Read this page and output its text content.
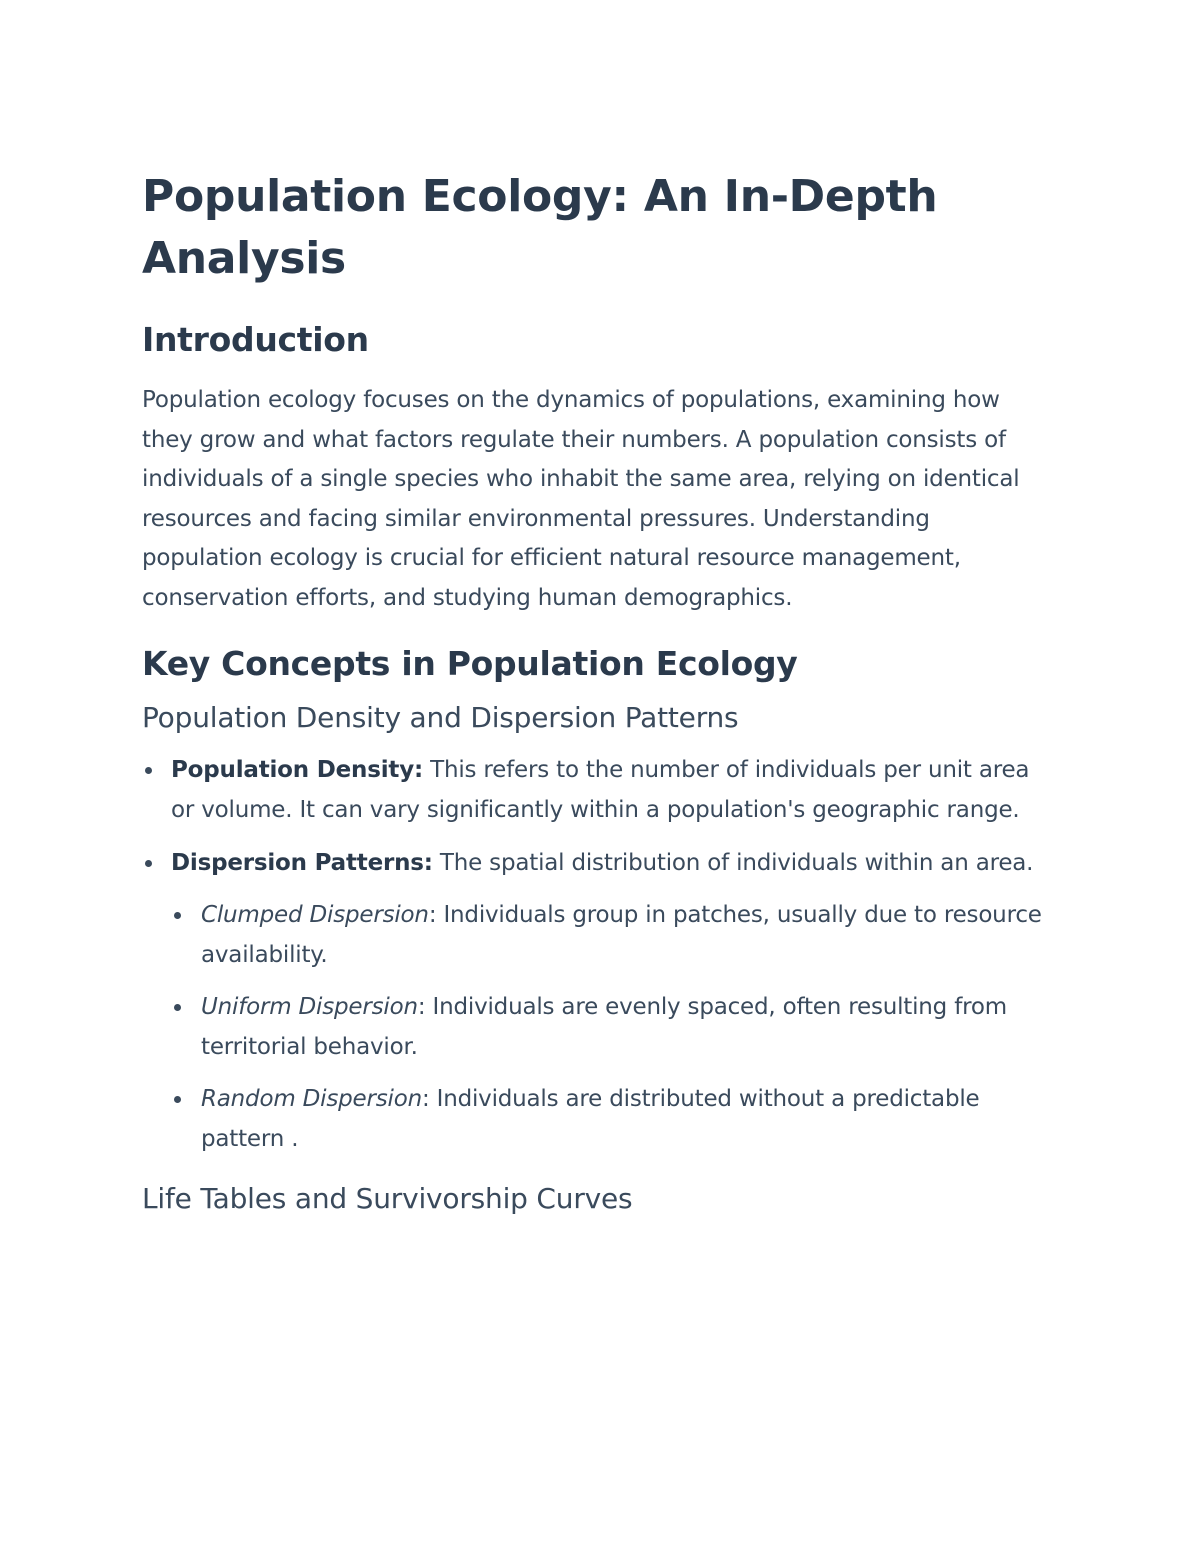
Population Ecology: An In-Depth Analysis
Introduction

Population ecology focuses on the dynamics of populations, examining how they grow and what factors regulate their numbers. A population consists of individuals of a single species who inhabit the same area, relying on identical resources and facing similar environmental pressures. Understanding population ecology is crucial for efficient natural resource management, conservation efforts, and studying human demographics.

Key Concepts in Population Ecology
Population Density and Dispersion Patterns
Population Density: This refers to the number of individuals per unit area or volume. It can vary significantly within a population's geographic range.
Dispersion Patterns: The spatial distribution of individuals within an area.
Clumped Dispersion: Individuals group in patches, usually due to resource availability.
Uniform Dispersion: Individuals are evenly spaced, often resulting from territorial behavior.
Random Dispersion: Individuals are distributed without a predictable pattern .
Life Tables and Survivorship Curves
